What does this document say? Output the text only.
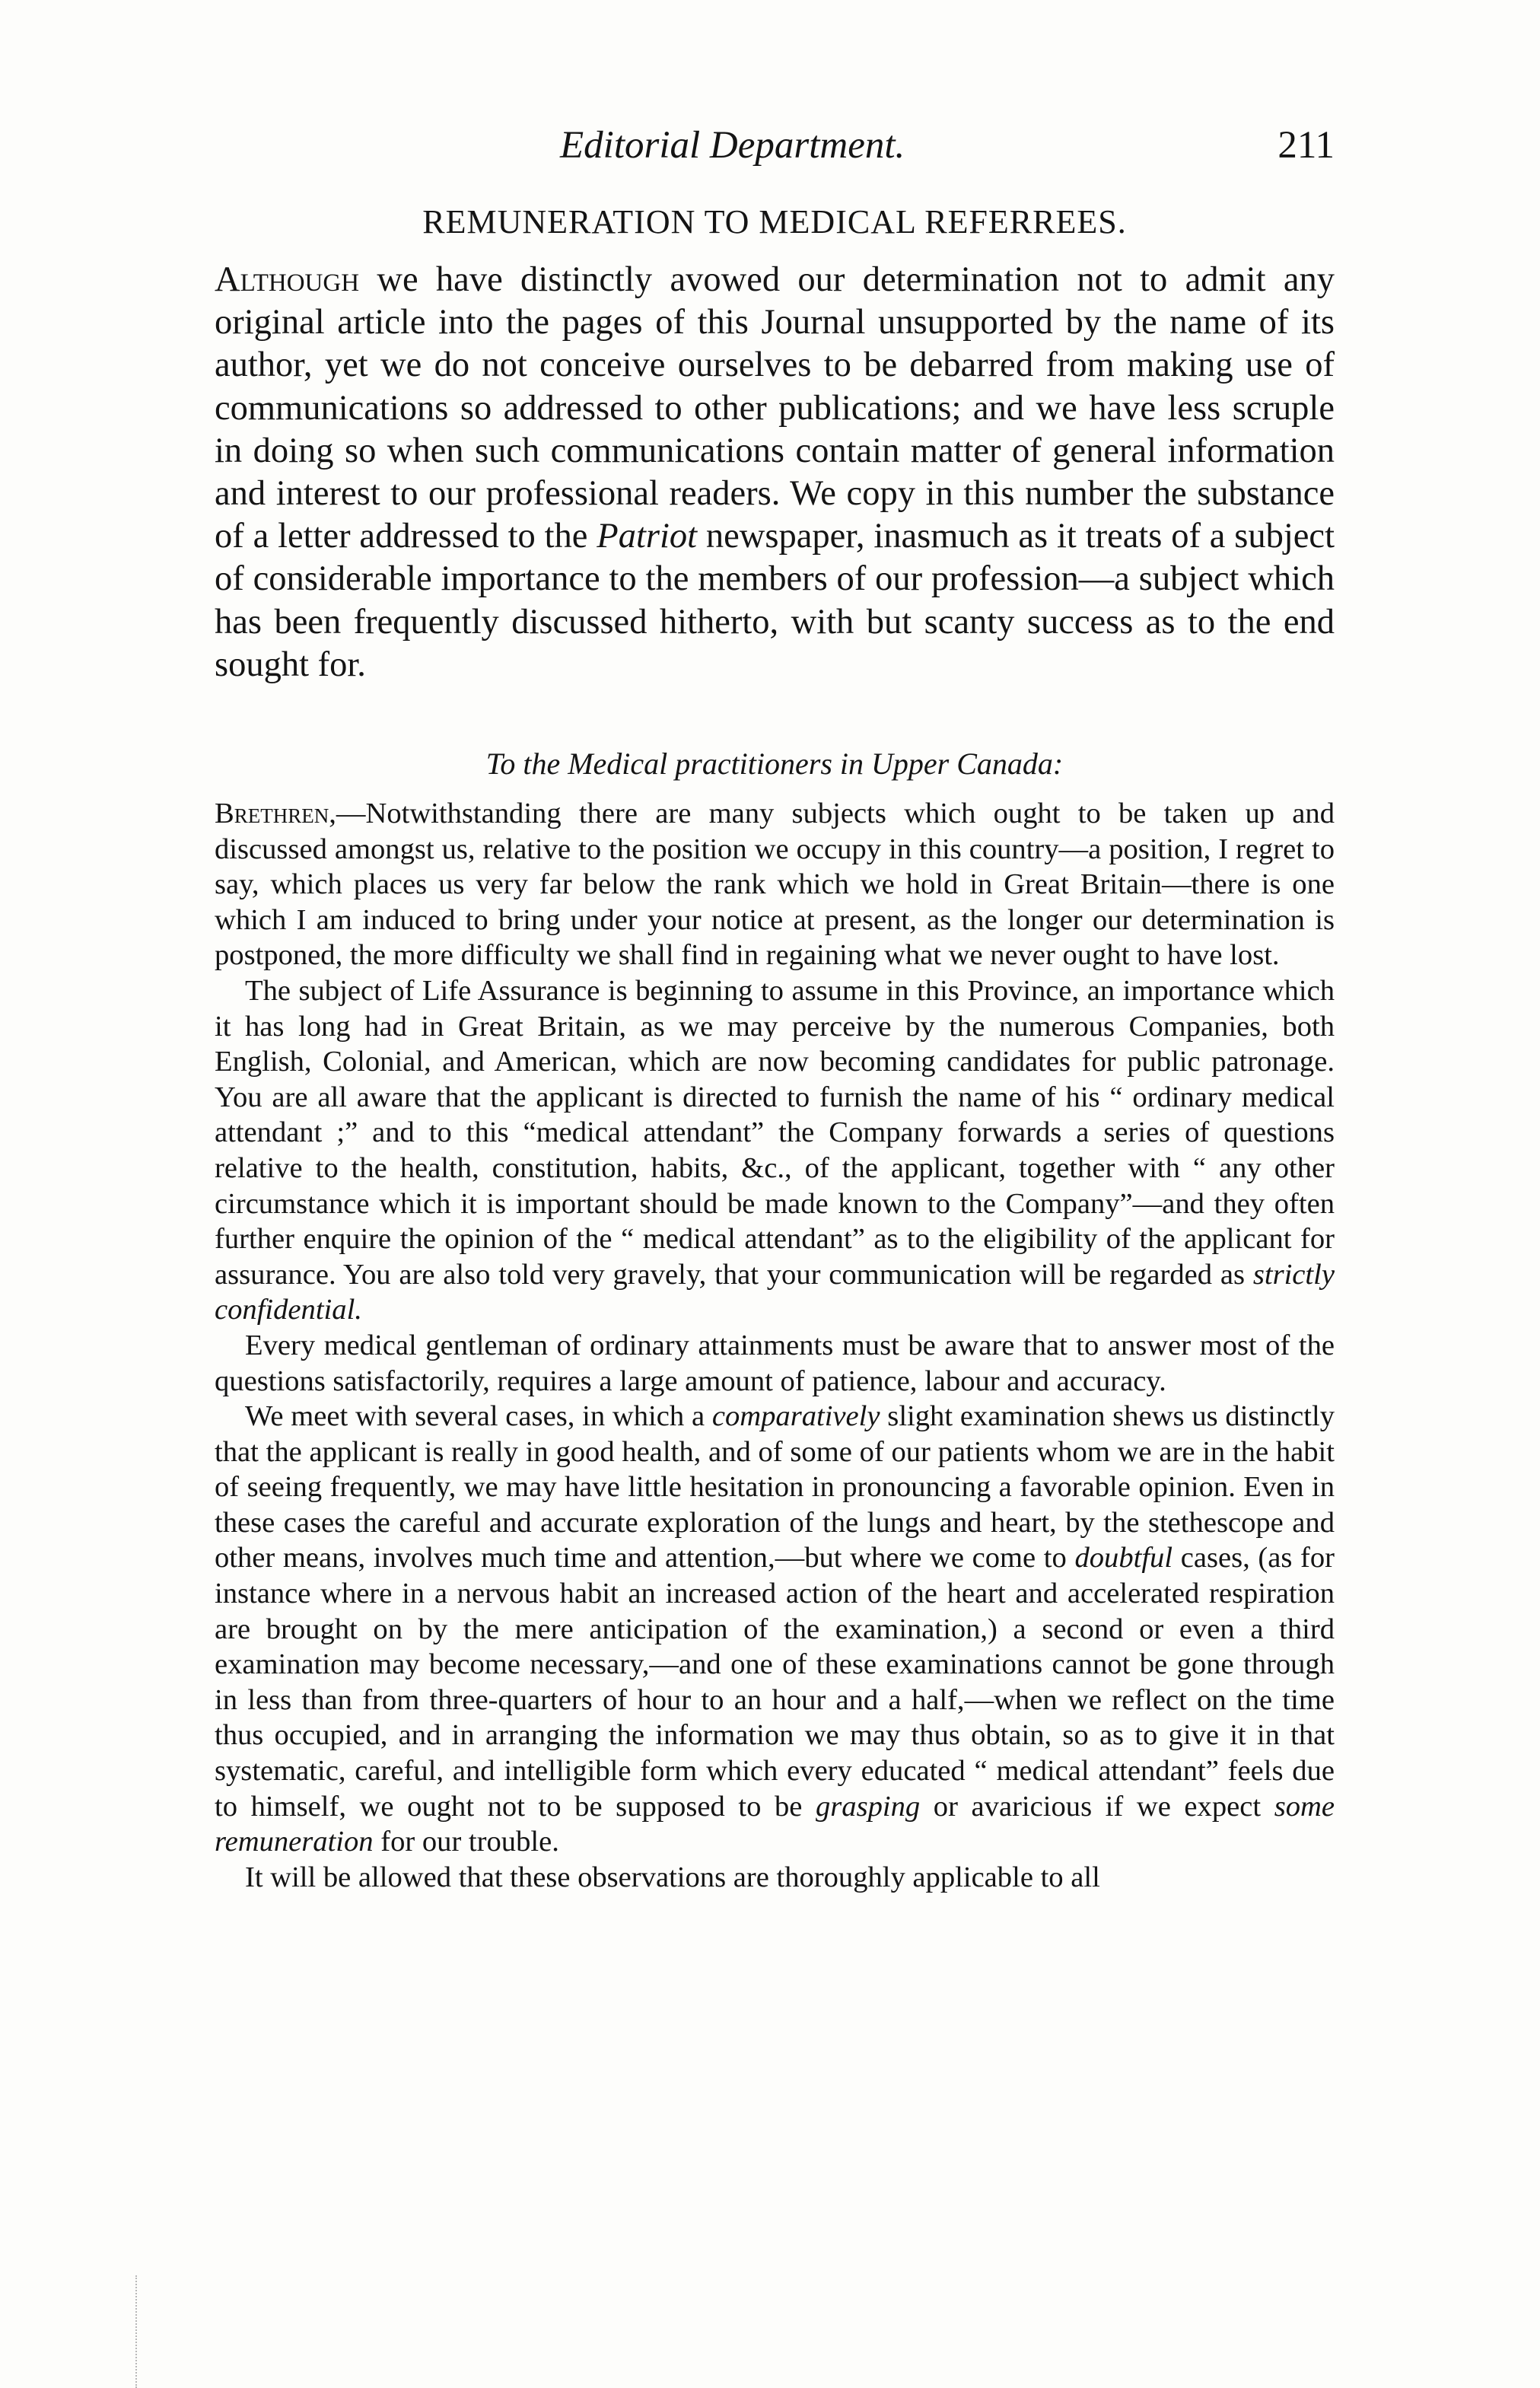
Editorial Department.	211
REMUNERATION TO MEDICAL REFERREES.

Although we have distinctly avowed our determination not to admit any original article into the pages of this Journal unsupported by the name of its author, yet we do not conceive ourselves to be debarred from making use of communications so addressed to other publications; and we have less scruple in doing so when such communications contain matter of general information and interest to our professional readers. We copy in this number the substance of a letter addressed to the Patriot newspaper, inasmuch as it treats of a subject of considerable importance to the members of our profession—a subject which has been frequently discussed hitherto, with but scanty success as to the end sought for.

To the Medical practitioners in Upper Canada:

Brethren,—Notwithstanding there are many subjects which ought to be taken up and discussed amongst us, relative to the position we occupy in this country—a position, I regret to say, which places us very far below the rank which we hold in Great Britain—there is one which I am induced to bring under your notice at present, as the longer our determination is postponed, the more difficulty we shall find in regaining what we never ought to have lost.

The subject of Life Assurance is beginning to assume in this Province, an importance which it has long had in Great Britain, as we may perceive by the numerous Companies, both English, Colonial, and American, which are now becoming candidates for public patronage. You are all aware that the applicant is directed to furnish the name of his “ ordinary medical attendant ;” and to this “medical attendant” the Company forwards a series of questions relative to the health, constitution, habits, &c., of the applicant, together with “ any other circumstance which it is important should be made known to the Company”—and they often further enquire the opinion of the “ medical attendant” as to the eligibility of the applicant for assurance. You are also told very gravely, that your communication will be regarded as strictly confidential.

Every medical gentleman of ordinary attainments must be aware that to answer most of the questions satisfactorily, requires a large amount of patience, labour and accuracy.

We meet with several cases, in which a comparatively slight examination shews us distinctly that the applicant is really in good health, and of some of our patients whom we are in the habit of seeing frequently, we may have little hesitation in pronouncing a favorable opinion. Even in these cases the careful and accurate exploration of the lungs and heart, by the stethescope and other means, involves much time and attention,—but where we come to doubtful cases, (as for instance where in a nervous habit an increased action of the heart and accelerated respiration are brought on by the mere anticipation of the examination,) a second or even a third examination may become necessary,—and one of these examinations cannot be gone through in less than from three-quarters of hour to an hour and a half,—when we reflect on the time thus occupied, and in arranging the information we may thus obtain, so as to give it in that systematic, careful, and intelligible form which every educated “ medical attendant” feels due to himself, we ought not to be supposed to be grasping or avaricious if we expect some remuneration for our trouble.

It will be allowed that these observations are thoroughly applicable to all
